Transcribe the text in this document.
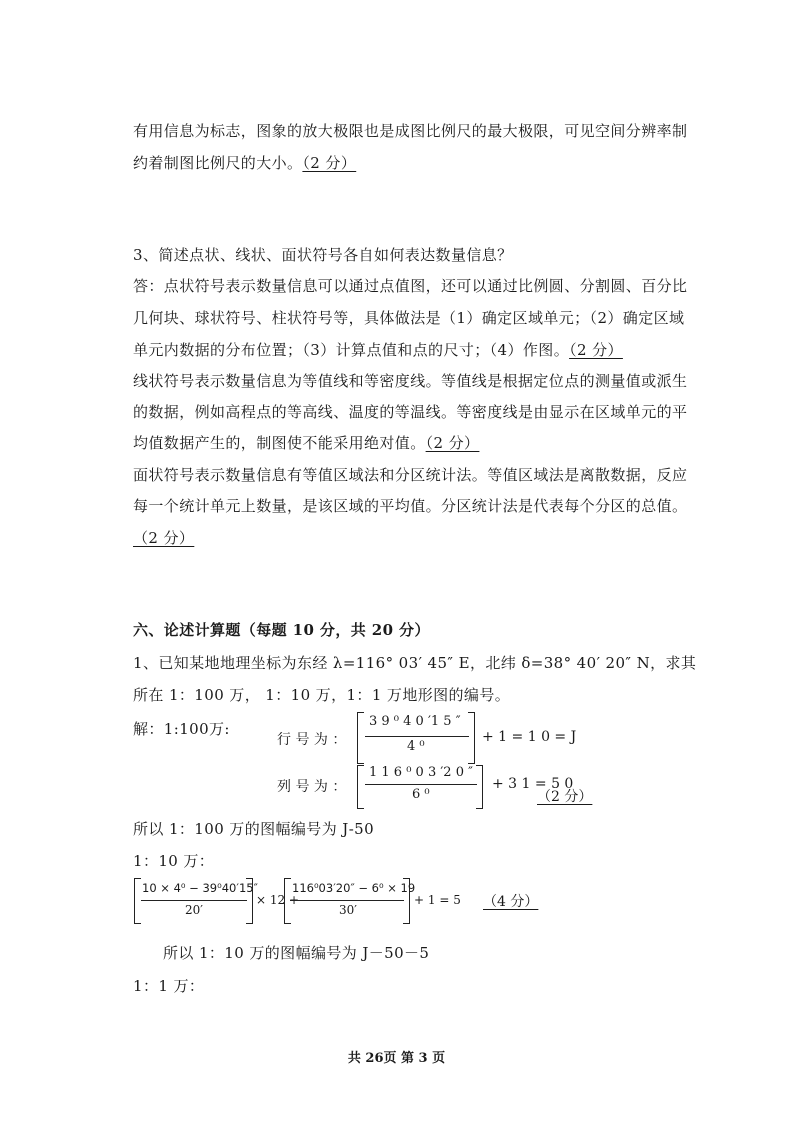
有用信息为标志，图象的放大极限也是成图比例尺的最大极限，可见空间分辨率制
约着制图比例尺的大小。（2 分）
3、简述点状、线状、面状符号各自如何表达数量信息？
答：点状符号表示数量信息可以通过点值图，还可以通过比例圆、分割圆、百分比
几何块、球状符号、柱状符号等，具体做法是（1）确定区域单元；（2）确定区域
单元内数据的分布位置；（3）计算点值和点的尺寸；（4）作图。（2 分）
线状符号表示数量信息为等值线和等密度线。等值线是根据定位点的测量值或派生
的数据，例如高程点的等高线、温度的等温线。等密度线是由显示在区域单元的平
均值数据产生的，制图使不能采用绝对值。（2 分）
面状符号表示数量信息有等值区域法和分区统计法。等值区域法是离散数据，反应
每一个统计单元上数量，是该区域的平均值。分区统计法是代表每个分区的总值。
（2 分）
六、论述计算题（每题 10 分，共 20 分）
1、已知某地地理坐标为东经 λ=116° 03′ 45″ E，北纬 δ=38° 40′ 20″ N，求其
所在 1：100 万， 1：10 万，1：1 万地形图的编号。
解：1:100万:
行 号 为 ：
3 9 ⁰ 4 0 ′1 5 ″
4 ⁰
+ 1 = 1 0 = J
列 号 为 ：
1 1 6 ⁰ 0 3 ′2 0 ″
6 ⁰
+ 3 1 = 5 0
（2 分）
所以 1：100 万的图幅编号为 J-50
1：10 万：
10 × 4⁰ − 39⁰40′15″
20′
× 12 +
116⁰03′20″ − 6⁰ × 19
30′
+ 1 = 5 （4 分）
所以 1：10 万的图幅编号为 J－50－5
1：1 万：
共 26页 第 3 页
